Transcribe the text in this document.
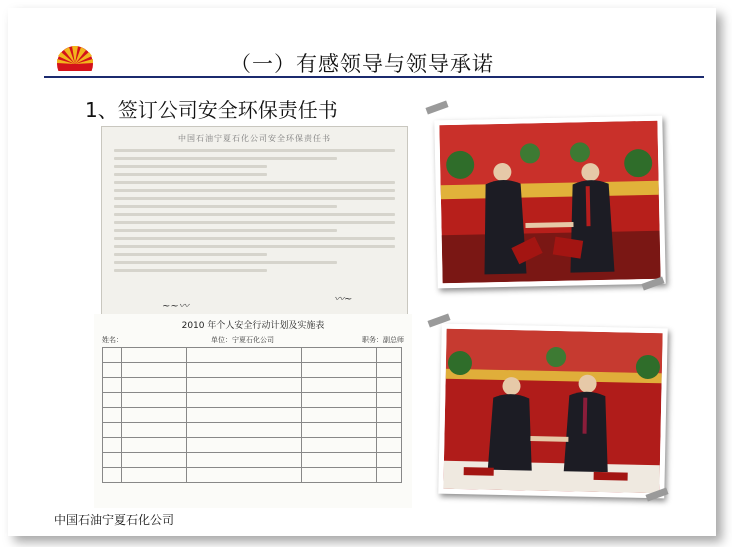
（一）有感领导与领导承诺
1、签订公司安全环保责任书
中国石油宁夏石化公司安全环保责任书
~~〰
〰~
2010 年个人安全行动计划及实施表
姓名：	单位：宁夏石化公司	职务：副总师

中国石油宁夏石化公司
